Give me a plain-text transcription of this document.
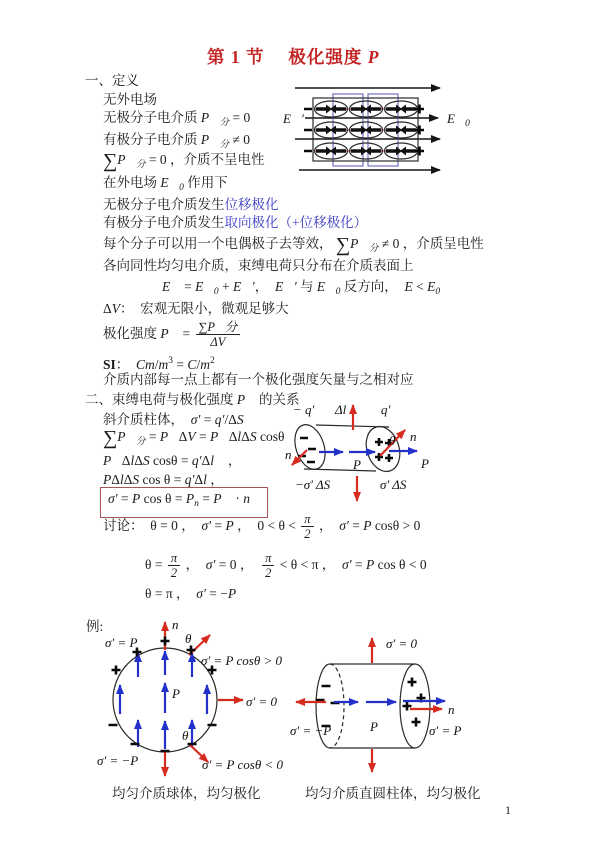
第 1 节　 极化强度 P⃗
一、定义
无外电场
无极分子电介质 $P⃗_分 = 0$
有极分子电介质 $P⃗_分 \ne 0$
$\sum P⃗_分 = 0$ ，介质不呈电性
在外电场 $E⃗_0$ 作用下
无极分子电介质发生位移极化
有极分子电介质发生取向极化（+位移极化）
每个分子可以用一个电偶极子去等效， $\sum P⃗_分 \ne 0$ ，介质呈电性
各向同性均匀电介质，束缚电荷只分布在介质表面上
E⃗ = $E⃗_0$ + E⃗′，  E⃗′ 与 $E⃗_0$ 反方向，  $E < E_0$
ΔV：  宏观无限小，微观足够大
极化强度 P⃗ = $\frac{\text{∑P⃗分}}{\Delta V}$
SI：  $Cm/m^3 = C/m^2$
介质内部每一点上都有一个极化强度矢量与之相对应
二、束缚电荷与极化强度 P⃗ 的关系
斜介质柱体，  σ′ = q′/ΔS
$\sum P⃗_分$ = P⃗ΔV = P⃗ΔlΔS cosθ
P⃗ΔlΔS cosθ = q′Δl⃗ ，
PΔlΔS cos θ = q′Δl ，
σ′ = P $\cos \theta = P_n$ = P⃗ · n⃗
讨论：  θ = 0 ，  σ′ = P ，  $0 < \theta < \frac{\pi}{2}$ ，  σ′ = P cosθ > 0
$\theta = \frac{\pi}{2}$ ，  σ′ = 0 ， $\frac{\pi}{2} < \theta < \pi$ ，  σ′ = P cos θ < 0
θ = π ，  σ′ = −P
例:
E⃗′	$E⃗_0$
− q′ Δl	q′
n⃗
θ n⃗
P⃗	P⃗
−σ′ ΔS	σ′ ΔS
σ′ = P
n⃗
θ
σ′ = P cosθ > 0
P⃗
σ′ = 0
θ
σ′ = −P	σ′ = P cosθ < 0
σ′ = 0
n⃗
σ′ = −P	P⃗	σ′ = P
均匀介质球体，均匀极化	均匀介质直圆柱体，均匀极化
1
